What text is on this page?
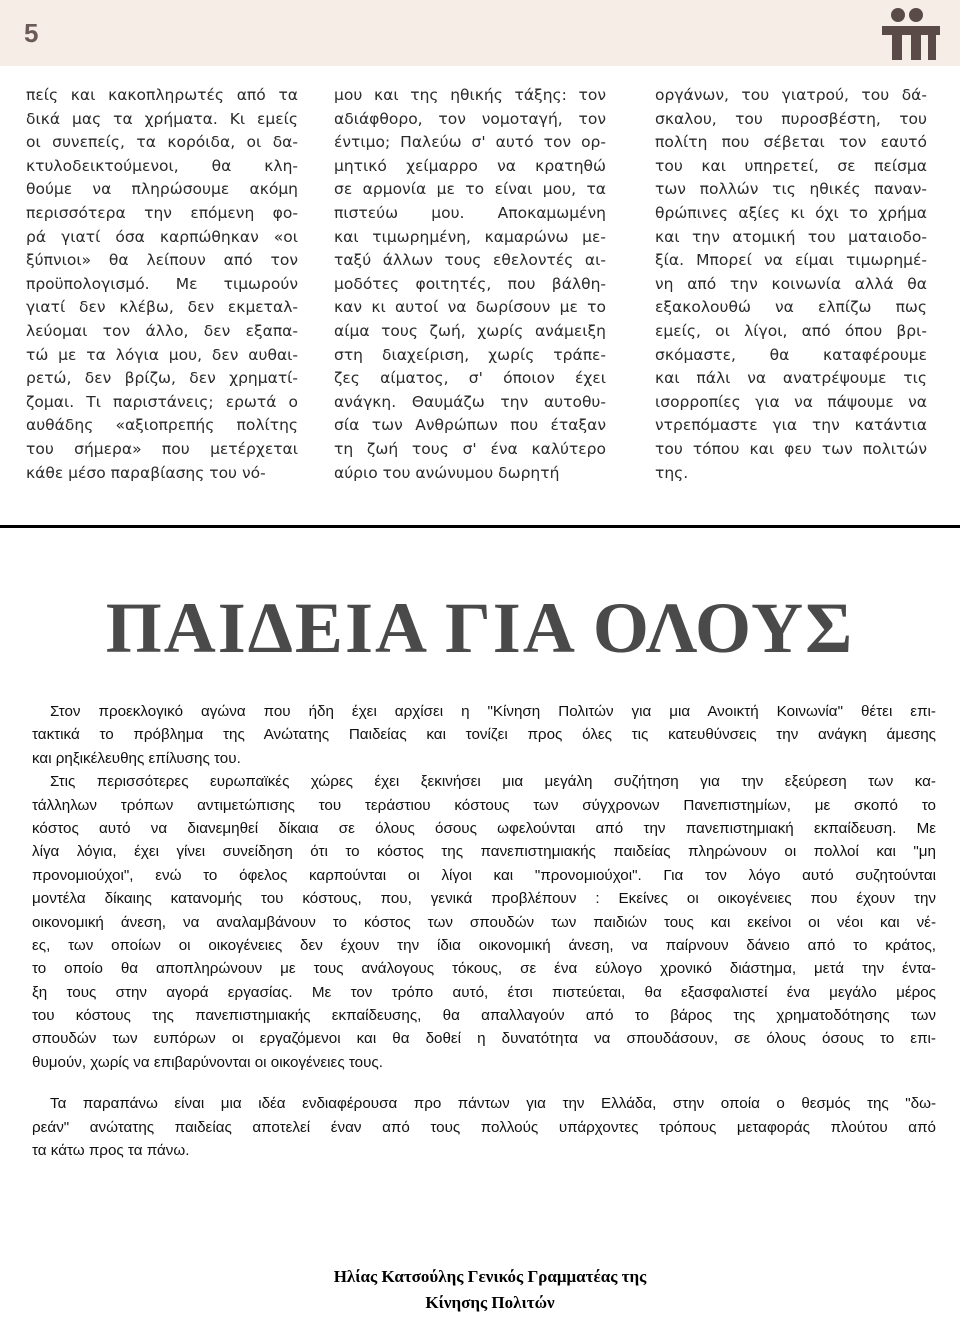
5
πείς και κακοπληρωτές από τα
δικά μας τα χρήματα. Κι εμείς
οι συνεπείς, τα κορόιδα, οι δα-
κτυλοδεικτούμενοι, θα κλη-
θούμε να πληρώσουμε ακόμη
περισσότερα την επόμενη φο-
ρά γιατί όσα καρπώθηκαν «οι
ξύπνιοι» θα λείπουν από τον
προϋπολογισμό. Με τιμωρούν
γιατί δεν κλέβω, δεν εκμεταλ-
λεύομαι τον άλλο, δεν εξαπα-
τώ με τα λόγια μου, δεν αυθαι-
ρετώ, δεν βρίζω, δεν χρηματί-
ζομαι. Τι παριστάνεις; ερωτά ο
αυθάδης «αξιοπρεπής πολίτης
του σήμερα» που μετέρχεται
κάθε μέσο παραβίασης του νό-
μου και της ηθικής τάξης: τον
αδιάφθορο, τον νομοταγή, τον
έντιμο; Παλεύω σ' αυτό τον ορ-
μητικό χείμαρρο να κρατηθώ
σε αρμονία με το είναι μου, τα
πιστεύω μου. Αποκαμωμένη
και τιμωρημένη, καμαρώνω με-
ταξύ άλλων τους εθελοντές αι-
μοδότες φοιτητές, που βάλθη-
καν κι αυτοί να δωρίσουν με το
αίμα τους ζωή, χωρίς ανάμειξη
στη διαχείριση, χωρίς τράπε-
ζες αίματος, σ' όποιον έχει
ανάγκη. Θαυμάζω την αυτοθυ-
σία των Ανθρώπων που έταξαν
τη ζωή τους σ' ένα καλύτερο
αύριο του ανώνυμου δωρητή
οργάνων, του γιατρού, του δά-
σκαλου, του πυροσβέστη, του
πολίτη που σέβεται τον εαυτό
του και υπηρετεί, σε πείσμα
των πολλών τις ηθικές παναν-
θρώπινες αξίες κι όχι το χρήμα
και την ατομική του ματαιοδο-
ξία. Μπορεί να είμαι τιμωρημέ-
νη από την κοινωνία αλλά θα
εξακολουθώ να ελπίζω πως
εμείς, οι λίγοι, από όπου βρι-
σκόμαστε, θα καταφέρουμε
και πάλι να ανατρέψουμε τις
ισορροπίες για να πάψουμε να
ντρεπόμαστε για την κατάντια
του τόπου και φευ των πολιτών
της.
ΠΑΙΔΕΙΑ ΓΙΑ ΟΛΟΥΣ
Στον προεκλογικό αγώνα που ήδη έχει αρχίσει η "Κίνηση Πολιτών για μια Ανοικτή Κοινωνία" θέτει επι-
τακτικά το πρόβλημα της Ανώτατης Παιδείας και τονίζει προς όλες τις κατευθύνσεις την ανάγκη άμεσης
και ρηξικέλευθης επίλυσης του.
Στις περισσότερες ευρωπαϊκές χώρες έχει ξεκινήσει μια μεγάλη συζήτηση για την εξεύρεση των κα-
τάλληλων τρόπων αντιμετώπισης του τεράστιου κόστους των σύγχρονων Πανεπιστημίων, με σκοπό το
κόστος αυτό να διανεμηθεί δίκαια σε όλους όσους ωφελούνται από την πανεπιστημιακή εκπαίδευση. Με
λίγα λόγια, έχει γίνει συνείδηση ότι το κόστος της πανεπιστημιακής παιδείας πληρώνουν οι πολλοί και "μη
προνομιούχοι", ενώ το όφελος καρπούνται οι λίγοι και "προνομιούχοι". Για τον λόγο αυτό συζητούνται
μοντέλα δίκαιης κατανομής του κόστους, που, γενικά προβλέπουν : Εκείνες οι οικογένειες που έχουν την
οικονομική άνεση, να αναλαμβάνουν το κόστος των σπουδών των παιδιών τους και εκείνοι οι νέοι και νέ-
ες, των οποίων οι οικογένειες δεν έχουν την ίδια οικονομική άνεση, να παίρνουν δάνειο από το κράτος,
το οποίο θα αποπληρώνουν με τους ανάλογους τόκους, σε ένα εύλογο χρονικό διάστημα, μετά την έντα-
ξη τους στην αγορά εργασίας. Με τον τρόπο αυτό, έτσι πιστεύεται, θα εξασφαλιστεί ένα μεγάλο μέρος
του κόστους της πανεπιστημιακής εκπαίδευσης, θα απαλλαγούν από το βάρος της χρηματοδότησης των
σπουδών των ευπόρων οι εργαζόμενοι και θα δοθεί η δυνατότητα να σπουδάσουν, σε όλους όσους το επι-
θυμούν, χωρίς να επιβαρύνονται οι οικογένειες τους.
Τα παραπάνω είναι μια ιδέα ενδιαφέρουσα προ πάντων για την Ελλάδα, στην οποία ο θεσμός της "δω-
ρεάν" ανώτατης παιδείας αποτελεί έναν από τους πολλούς υπάρχοντες τρόπους μεταφοράς πλούτου από
τα κάτω προς τα πάνω.
Ηλίας Κατσούλης Γενικός Γραμματέας της
Κίνησης Πολιτών
